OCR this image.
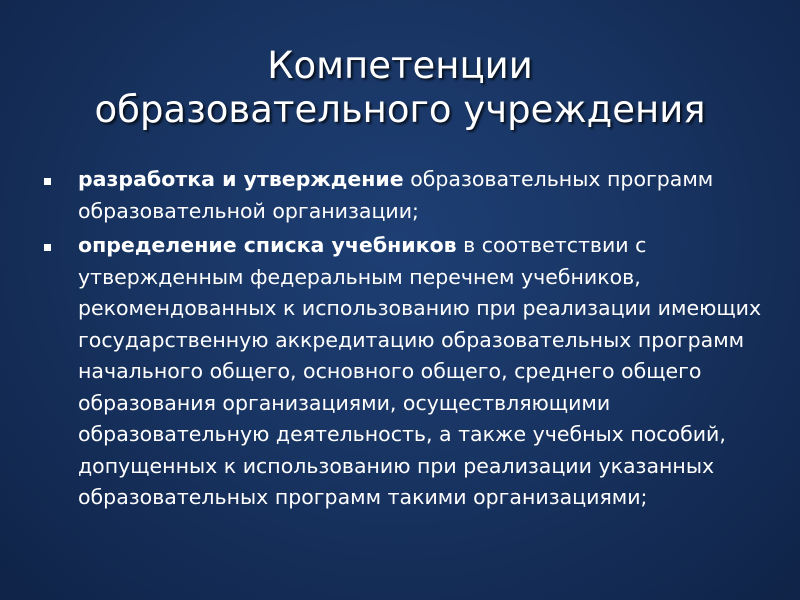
Компетенции
образовательного учреждения
разработка и утверждение образовательных программ образовательной организации;
определение списка учебников в соответствии с утвержденным федеральным перечнем учебников, рекомендованных к использованию при реализации имеющих государственную аккредитацию образовательных программ начального общего, основного общего, среднего общего образования организациями, осуществляющими образовательную деятельность, а также учебных пособий, допущенных к использованию при реализации указанных образовательных программ такими организациями;
